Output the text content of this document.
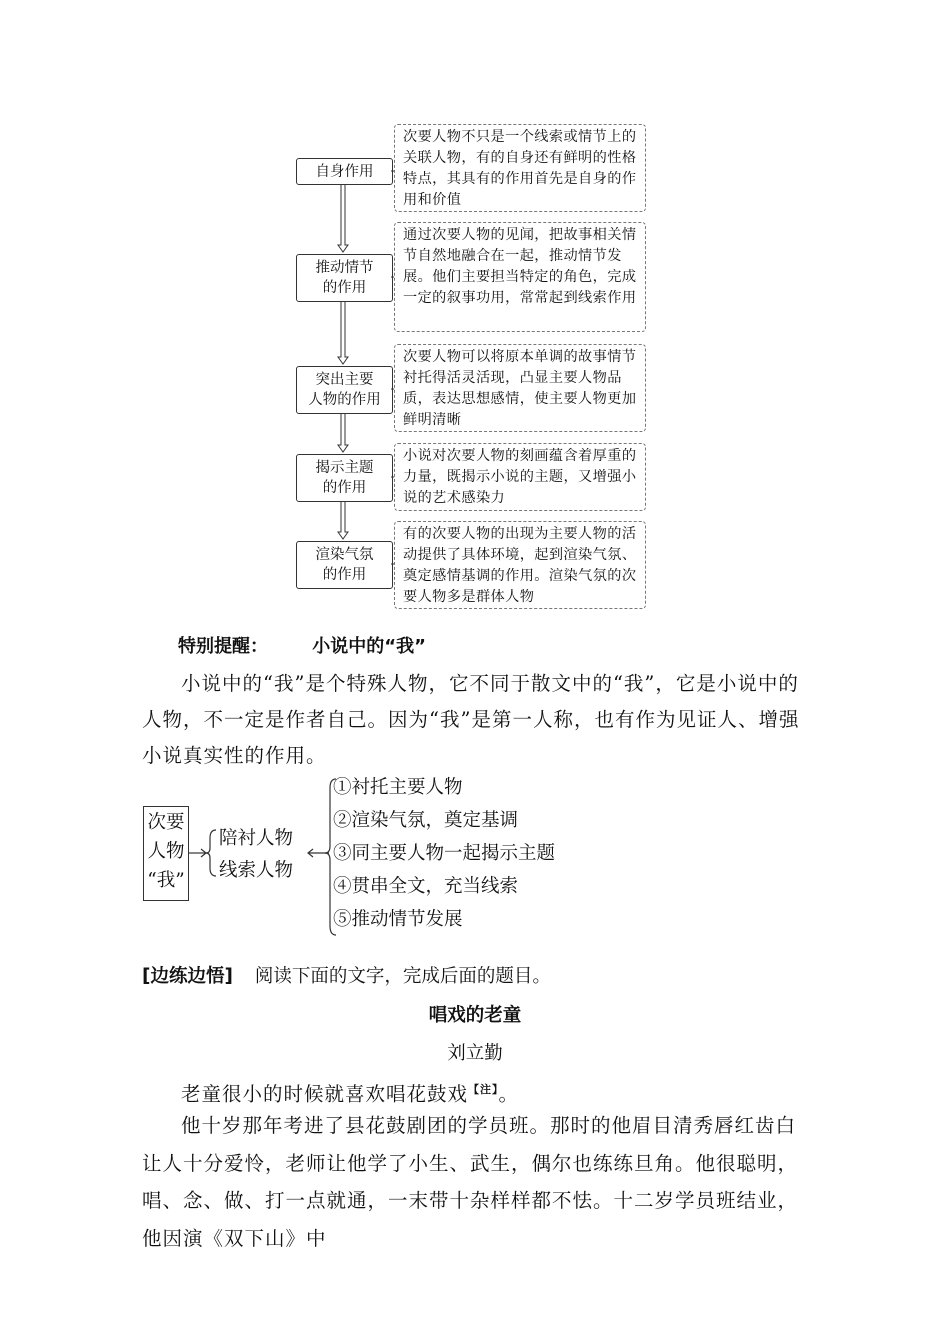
自身作用
推动情节
的作用
突出主要
人物的作用
揭示主题
的作用
渲染气氛
的作用
次要人物不只是一个线索或情节上的关联人物，有的自身还有鲜明的性格特点，其具有的作用首先是自身的作用和价值
通过次要人物的见闻，把故事相关情节自然地融合在一起，推动情节发展。他们主要担当特定的角色，完成一定的叙事功用，常常起到线索作用
次要人物可以将原本单调的故事情节衬托得活灵活现，凸显主要人物品质，表达思想感情，使主要人物更加鲜明清晰
小说对次要人物的刻画蕴含着厚重的力量，既揭示小说的主题，又增强小说的艺术感染力
有的次要人物的出现为主要人物的活动提供了具体环境，起到渲染气氛、奠定感情基调的作用。渲染气氛的次要人物多是群体人物
特别提醒： 小说中的“我”
小说中的“我”是个特殊人物，它不同于散文中的“我”，它是小说中的人物，不一定是作者自己。因为“我”是第一人称，也有作为见证人、增强小说真实性的作用。
次要
人物
“我”
陪衬人物
线索人物
①衬托主要人物
②渲染气氛，奠定基调
③同主要人物一起揭示主题
④贯串全文，充当线索
⑤推动情节发展
[边练边悟] 阅读下面的文字，完成后面的题目。
唱戏的老童
刘立勤
老童很小的时候就喜欢唱花鼓戏$^{【注】}$。
他十岁那年考进了县花鼓剧团的学员班。那时的他眉目清秀唇红齿白让人十分爱怜，老师让他学了小生、武生，偶尔也练练旦角。他很聪明，唱、念、做、打一点就通，一末带十杂样样都不怯。十二岁学员班结业，他因演《双下山》中
